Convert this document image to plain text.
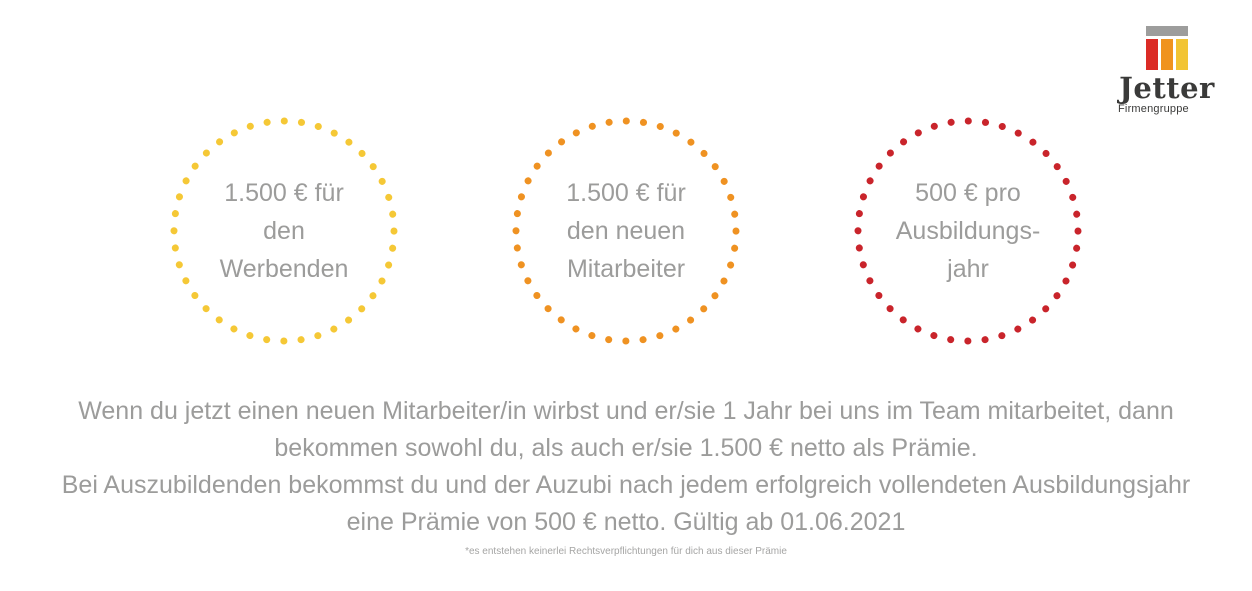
Jetter
Firmengruppe
1.500 € für
den
Werbenden
1.500 € für
den neuen
Mitarbeiter
500 € pro
Ausbildungs-
jahr
Wenn du jetzt einen neuen Mitarbeiter/in wirbst und er/sie 1 Jahr bei uns im Team mitarbeitet, dann
bekommen sowohl du, als auch er/sie 1.500 € netto als Prämie.
Bei Auszubildenden bekommst du und der Auzubi nach jedem erfolgreich vollendeten Ausbildungsjahr
eine Prämie von 500 € netto. Gültig ab 01.06.2021
*es entstehen keinerlei Rechtsverpflichtungen für dich aus dieser Prämie
